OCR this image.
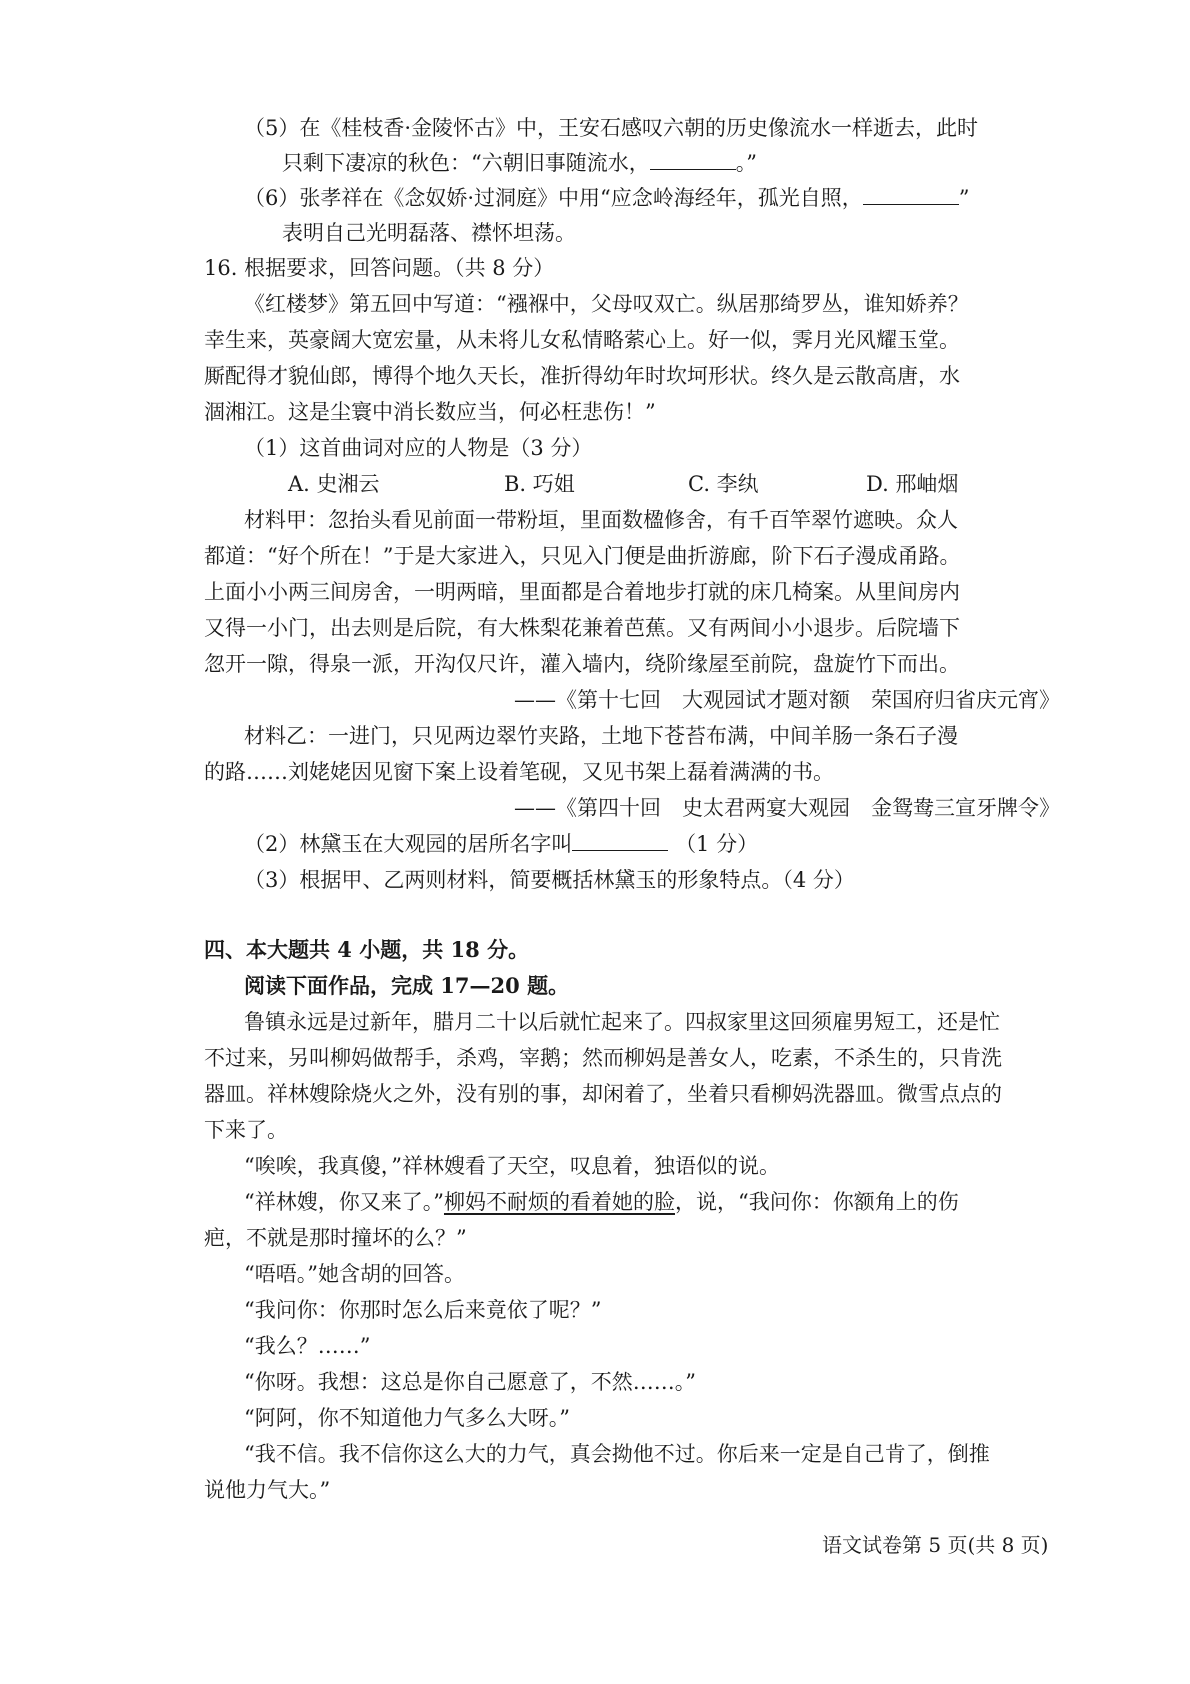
（5）在《桂枝香·金陵怀古》中，王安石感叹六朝的历史像流水一样逝去，此时
只剩下凄凉的秋色：“六朝旧事随流水，	。”
（6）张孝祥在《念奴娇·过洞庭》中用“应念岭海经年，孤光自照，	”
表明自己光明磊落、襟怀坦荡。
16. 根据要求，回答问题。（共 8 分）
《红楼梦》第五回中写道：“襁褓中，父母叹双亡。纵居那绮罗丛，谁知娇养？
幸生来，英豪阔大宽宏量，从未将儿女私情略萦心上。好一似，霁月光风耀玉堂。
厮配得才貌仙郎，博得个地久天长，准折得幼年时坎坷形状。终久是云散高唐，水
涸湘江。这是尘寰中消长数应当，何必枉悲伤！”
（1）这首曲词对应的人物是（3 分）
A. 史湘云	B. 巧姐	C. 李纨	D. 邢岫烟
材料甲：忽抬头看见前面一带粉垣，里面数楹修舍，有千百竿翠竹遮映。众人
都道：“好个所在！”于是大家进入，只见入门便是曲折游廊，阶下石子漫成甬路。
上面小小两三间房舍，一明两暗，里面都是合着地步打就的床几椅案。从里间房内
又得一小门，出去则是后院，有大株梨花兼着芭蕉。又有两间小小退步。后院墙下
忽开一隙，得泉一派，开沟仅尺许，灌入墙内，绕阶缘屋至前院，盘旋竹下而出。
——《第十七回　大观园试才题对额　荣国府归省庆元宵》
材料乙：一进门，只见两边翠竹夹路，土地下苍苔布满，中间羊肠一条石子漫
的路……刘姥姥因见窗下案上设着笔砚，又见书架上磊着满满的书。
——《第四十回　史太君两宴大观园　金鸳鸯三宣牙牌令》
（2）林黛玉在大观园的居所名字叫	（1 分）
（3）根据甲、乙两则材料，简要概括林黛玉的形象特点。（4 分）
四、本大题共 4 小题，共 18 分。
阅读下面作品，完成 17—20 题。
鲁镇永远是过新年，腊月二十以后就忙起来了。四叔家里这回须雇男短工，还是忙
不过来，另叫柳妈做帮手，杀鸡，宰鹅；然而柳妈是善女人，吃素，不杀生的，只肯洗
器皿。祥林嫂除烧火之外，没有别的事，却闲着了，坐着只看柳妈洗器皿。微雪点点的
下来了。
“唉唉，我真傻，”祥林嫂看了天空，叹息着，独语似的说。
“祥林嫂，你又来了。”柳妈不耐烦的看着她的脸，说，“我问你：你额角上的伤
疤，不就是那时撞坏的么？”
“唔唔。”她含胡的回答。
“我问你：你那时怎么后来竟依了呢？”
“我么？……”
“你呀。我想：这总是你自己愿意了，不然……。”
“阿阿，你不知道他力气多么大呀。”
“我不信。我不信你这么大的力气，真会拗他不过。你后来一定是自己肯了，倒推
说他力气大。”
语文试卷第 5 页(共 8 页)
